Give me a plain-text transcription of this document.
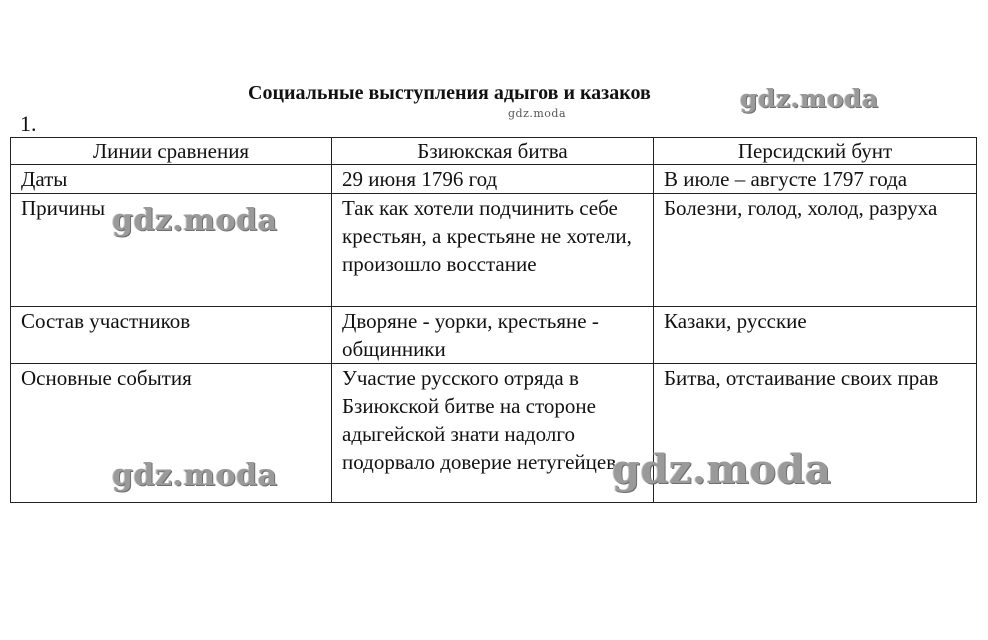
Социальные выступления адыгов и казаков
1.
Линии сравнения	Бзиюкская битва	Персидский бунт
Даты	29 июня 1796 год	В июле – августе 1797 года
Причины	Так как хотели подчинить себе крестьян, а крестьяне не хотели, произошло восстание	Болезни, голод, холод, разруха
Состав участников	Дворяне - уорки, крестьяне - общинники	Казаки, русские
Основные события	Участие русского отряда в Бзиюкской битве на стороне адыгейской знати надолго подорвало доверие нетугейцев	Битва, отстаивание своих прав
gdz.moda
gdz.moda
gdz.moda
gdz.moda	gdz.moda
